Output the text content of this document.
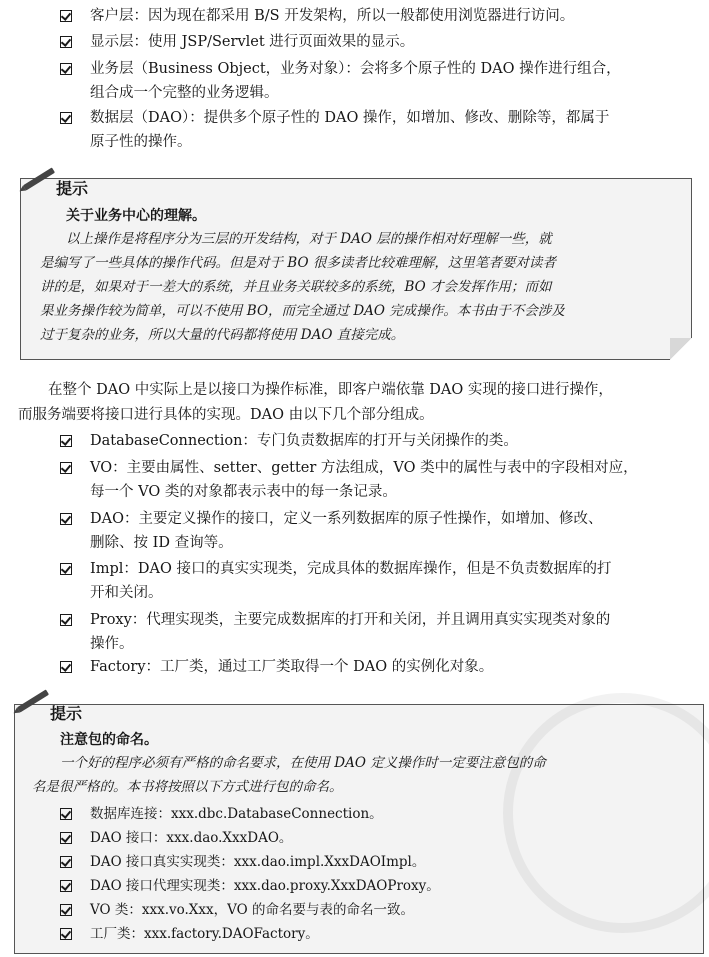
客户层：因为现在都采用 B/S 开发架构，所以一般都使用浏览器进行访问。
显示层：使用 JSP/Servlet 进行页面效果的显示。
业务层（Business Object，业务对象）：会将多个原子性的 DAO 操作进行组合，
组合成一个完整的业务逻辑。
数据层（DAO）：提供多个原子性的 DAO 操作，如增加、修改、删除等，都属于
原子性的操作。
提示
关于业务中心的理解。
以上操作是将程序分为三层的开发结构，对于 DAO 层的操作相对好理解一些，就
是编写了一些具体的操作代码。但是对于 BO 很多读者比较难理解，这里笔者要对读者
讲的是，如果对于一差大的系统，并且业务关联较多的系统，BO 才会发挥作用；而如
果业务操作较为简单，可以不使用 BO，而完全通过 DAO 完成操作。本书由于不会涉及
过于复杂的业务，所以大量的代码都将使用 DAO 直接完成。
在整个 DAO 中实际上是以接口为操作标准，即客户端依靠 DAO 实现的接口进行操作，
而服务端要将接口进行具体的实现。DAO 由以下几个部分组成。
DatabaseConnection：专门负责数据库的打开与关闭操作的类。
VO：主要由属性、setter、getter 方法组成，VO 类中的属性与表中的字段相对应，
每一个 VO 类的对象都表示表中的每一条记录。
DAO：主要定义操作的接口，定义一系列数据库的原子性操作，如增加、修改、
删除、按 ID 查询等。
Impl：DAO 接口的真实实现类，完成具体的数据库操作，但是不负责数据库的打
开和关闭。
Proxy：代理实现类，主要完成数据库的打开和关闭，并且调用真实实现类对象的
操作。
Factory：工厂类，通过工厂类取得一个 DAO 的实例化对象。
提示
注意包的命名。
一个好的程序必须有严格的命名要求，在使用 DAO 定义操作时一定要注意包的命
名是很严格的。本书将按照以下方式进行包的命名。
数据库连接：xxx.dbc.DatabaseConnection。
DAO 接口：xxx.dao.XxxDAO。
DAO 接口真实实现类：xxx.dao.impl.XxxDAOImpl。
DAO 接口代理实现类：xxx.dao.proxy.XxxDAOProxy。
VO 类：xxx.vo.Xxx，VO 的命名要与表的命名一致。
工厂类：xxx.factory.DAOFactory。
